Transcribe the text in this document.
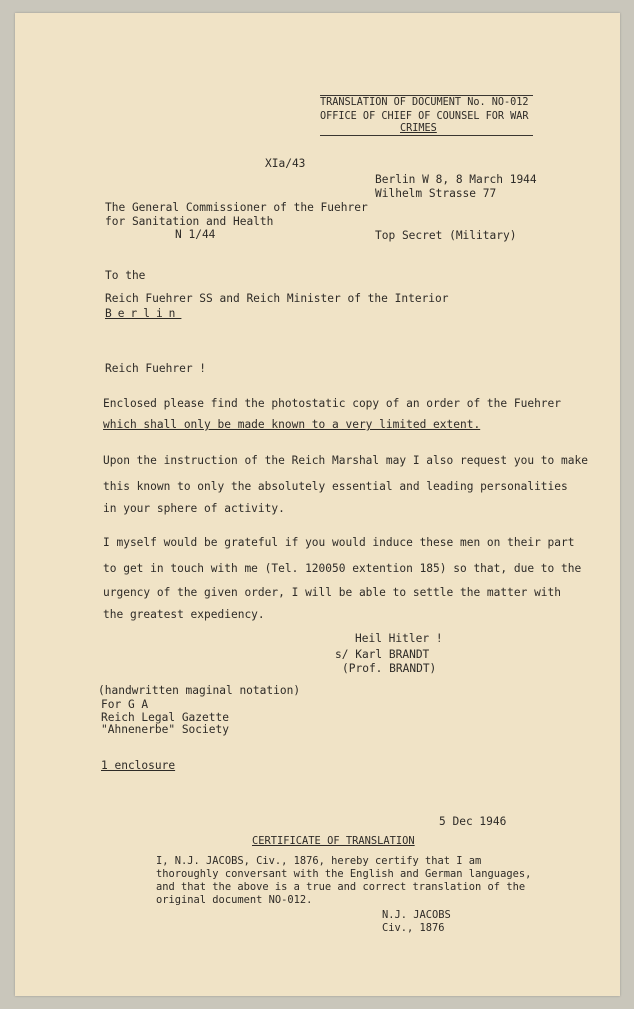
TRANSLATION OF DOCUMENT No. NO-012
OFFICE OF CHIEF OF COUNSEL FOR WAR
CRIMES
XIa/43
Berlin W 8, 8 March 1944
Wilhelm Strasse 77
The General Commissioner of the Fuehrer
for Sanitation and Health
N 1/44	Top Secret (Military)
To the
Reich Fuehrer SS and Reich Minister of the Interior
Berlin
Reich Fuehrer !
Enclosed please find the photostatic copy of an order of the Fuehrer
which shall only be made known to a very limited extent.
Upon the instruction of the Reich Marshal may I also request you to make
this known to only the absolutely essential and leading personalities
in your sphere of activity.
I myself would be grateful if you would induce these men on their part
to get in touch with me (Tel. 120050 extention 185) so that, due to the
urgency of the given order, I will be able to settle the matter with
the greatest expediency.
Heil Hitler !
s/ Karl BRANDT
(Prof. BRANDT)
(handwritten maginal notation)
For G A
Reich Legal Gazette
"Ahnenerbe" Society
1 enclosure
5 Dec 1946
CERTIFICATE OF TRANSLATION
I, N.J. JACOBS, Civ., 1876, hereby certify that I am
thoroughly conversant with the English and German languages,
and that the above is a true and correct translation of the
original document NO-012.
N.J. JACOBS
Civ., 1876
